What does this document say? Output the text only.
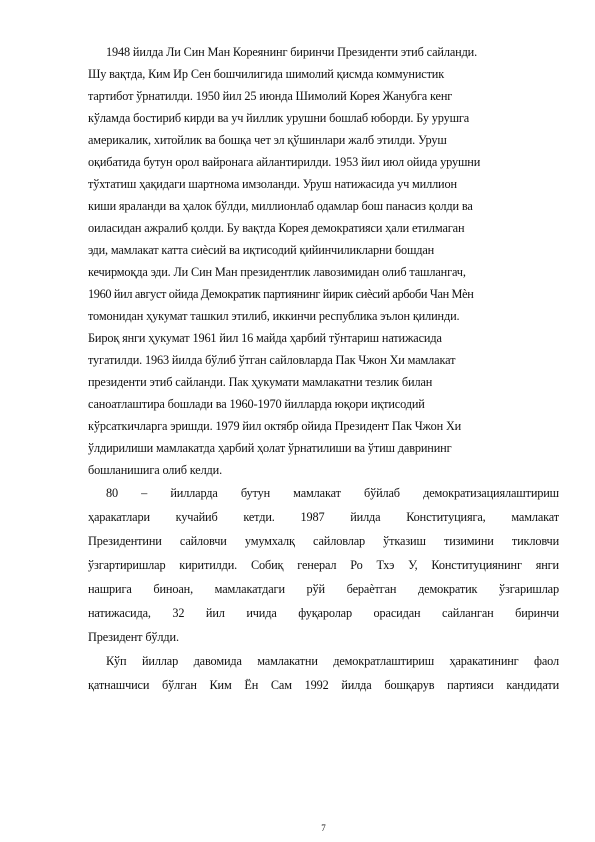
1948 йилда Ли Син Ман Кореянинг биринчи Президенти этиб сайланди.
Шу вақтда, Ким Ир Сен бошчилигида шимолий қисмда коммунистик
тартибот ўрнатилди. 1950 йил 25 июнда Шимолий Корея Жанубга кенг
кўламда бостириб кирди ва уч йиллик урушни бошлаб юборди. Бу урушга
америкалик, хитойлик ва бошқа чет эл қўшинлари жалб этилди. Уруш
оқибатида бутун орол вайронага айлантирилди. 1953 йил июл ойида урушни
тўхтатиш ҳақидаги шартнома имзоланди. Уруш натижасида уч миллион
киши яраланди ва ҳалок бўлди, миллионлаб одамлар бош панасиз қолди ва
оиласидан ажралиб қолди. Бу вақтда Корея демократияси ҳали етилмаган
эди, мамлакат катта сиѐсий ва иқтисодий қийинчиликларни бошдан
кечирмоқда эди. Ли Син Ман президентлик лавозимидан олиб ташлангач,
1960 йил август ойида Демократик партиянинг йирик сиѐсий арбоби Чан Мѐн
томонидан ҳукумат ташкил этилиб, иккинчи республика эълон қилинди.
Бироқ янги ҳукумат 1961 йил 16 майда ҳарбий тўнтариш натижасида
тугатилди. 1963 йилда бўлиб ўтган сайловларда Пак Чжон Хи мамлакат
президенти этиб сайланди. Пак ҳукумати мамлакатни тезлик билан
саноатлаштира бошлади ва 1960-1970 йилларда юқори иқтисодий
кўрсаткичларга эришди. 1979 йил октябр ойида Президент Пак Чжон Хи
ўлдирилиши мамлакатда ҳарбий ҳолат ўрнатилиши ва ўтиш даврининг
бошланишига олиб келди.
80 – йилларда бутун мамлакат бўйлаб демократизациялаштириш
ҳаракатлари кучайиб кетди. 1987 йилда Конституцияга, мамлакат
Президентини сайловчи умумхалқ сайловлар ўтказиш тизимини тикловчи
ўзгартиришлар киритилди. Собиқ генерал Ро Тхэ У, Конституциянинг янги
нашрига биноан, мамлакатдаги рўй бераѐтган демократик ўзгаришлар
натижасида, 32 йил ичида фуқаролар орасидан сайланган биринчи
Президент бўлди.
Кўп йиллар давомида мамлакатни демократлаштириш ҳаракатининг фаол
қатнашчиси бўлган Ким Ён Сам 1992 йилда бошқарув партияси кандидати
7
